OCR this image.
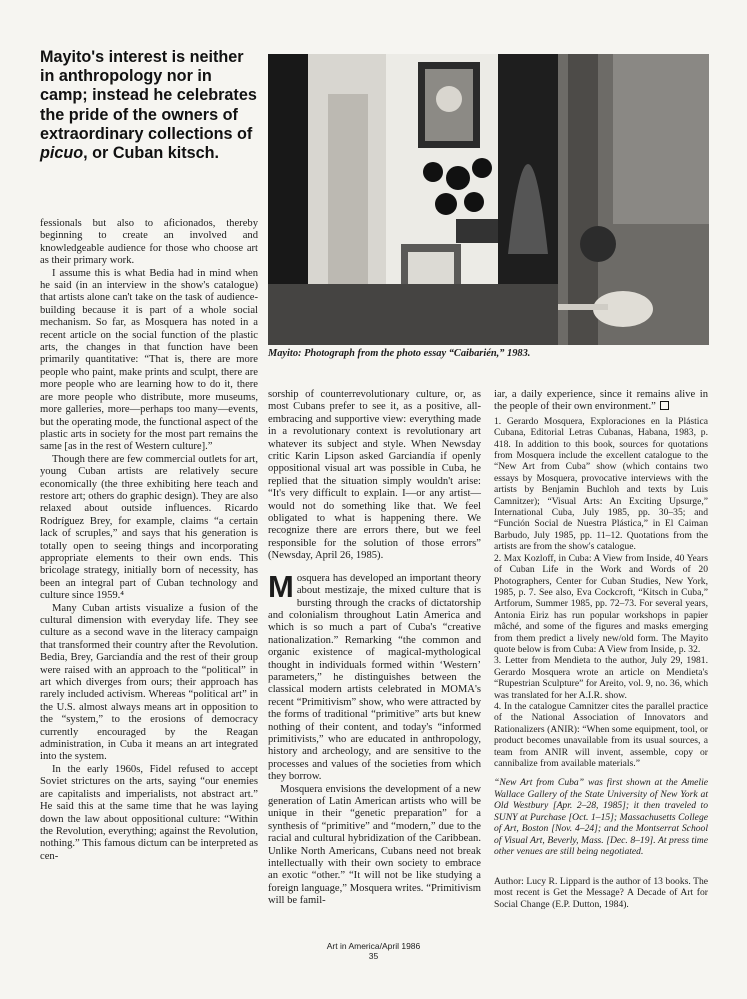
Mayito's interest is neither in anthropology nor in camp; instead he celebrates the pride of the owners of extraordinary collections of picuo, or Cuban kitsch.

Mayito: Photograph from the photo essay “Caibarién,” 1983.

fessionals but also to aficionados, thereby beginning to create an involved and knowledgeable audience for those who choose art as their primary work.

I assume this is what Bedia had in mind when he said (in an interview in the show's catalogue) that artists alone can't take on the task of audience-building because it is part of a whole social mechanism. So far, as Mosquera has noted in a recent article on the social function of the plastic arts, the changes in that function have been primarily quantitative: “That is, there are more people who paint, make prints and sculpt, there are more people who are learning how to do it, there are more people who distribute, more museums, more galleries, more—perhaps too many—events, but the operating mode, the functional aspect of the plastic arts in society for the most part remains the same [as in the rest of Western culture].”

Though there are few commercial outlets for art, young Cuban artists are relatively secure economically (the three exhibiting here teach and restore art; others do graphic design). They are also relaxed about outside influences. Ricardo Rodríguez Brey, for example, claims “a certain lack of scruples,” and says that his generation is totally open to seeing things and incorporating appropriate elements to their own ends. This bricolage strategy, initially born of necessity, has been an integral part of Cuban technology and culture since 1959.⁴

Many Cuban artists visualize a fusion of the cultural dimension with everyday life. They see culture as a second wave in the literacy campaign that transformed their country after the Revolution. Bedia, Brey, Garciandía and the rest of their group were raised with an approach to the “political” in art which diverges from ours; their approach has rarely included activism. Whereas “political art” in the U.S. almost always means art in opposition to the “system,” to the erosions of democracy currently encouraged by the Reagan administration, in Cuba it means an art integrated into the system.

In the early 1960s, Fidel refused to accept Soviet strictures on the arts, saying “our enemies are capitalists and imperialists, not abstract art.” He said this at the same time that he was laying down the law about oppositional culture: “Within the Revolution, everything; against the Revolution, nothing.” This famous dictum can be interpreted as cen-

sorship of counterrevolutionary culture, or, as most Cubans prefer to see it, as a positive, all-embracing and supportive view: everything made in a revolutionary context is revolutionary art whatever its subject and style. When Newsday critic Karin Lipson asked Garciandía if openly oppositional visual art was possible in Cuba, he replied that the situation simply wouldn't arise: “It's very difficult to explain. I—or any artist—would not do something like that. We feel obligated to what is happening there. We recognize there are errors there, but we feel responsible for the solution of those errors” (Newsday, April 26, 1985).

Mosquera has developed an important theory about mestizaje, the mixed culture that is bursting through the cracks of dictatorship and colonialism throughout Latin America and which is so much a part of Cuba's “creative nationalization.” Remarking “the common and organic existence of magical-mythological thought in individuals formed within ‘Western’ parameters,” he distinguishes between the classical modern artists celebrated in MOMA's recent “Primitivism” show, who were attracted by the forms of traditional “primitive” arts but knew nothing of their content, and today's “informed primitivists,” who are educated in anthropology, history and archeology, and are sensitive to the processes and values of the societies from which they borrow.

Mosquera envisions the development of a new generation of Latin American artists who will be unique in their “genetic preparation” for a synthesis of “primitive” and “modern,” due to the racial and cultural hybridization of the Caribbean. Unlike North Americans, Cubans need not break intellectually with their own society to embrace an exotic “other.” “It will not be like studying a foreign language,” Mosquera writes. “Primitivism will be famil-

iar, a daily experience, since it remains alive in the people of their own environment.”

1. Gerardo Mosquera, Exploraciones en la Plástica Cubana, Editorial Letras Cubanas, Habana, 1983, p. 418. In addition to this book, sources for quotations from Mosquera include the excellent catalogue to the “New Art from Cuba” show (which contains two essays by Mosquera, provocative interviews with the artists by Benjamin Buchloh and texts by Luis Camnitzer); “Visual Arts: An Exciting Upsurge,” International Cuba, July 1985, pp. 30–35; and “Función Social de Nuestra Plástica,” in El Caiman Barbudo, July 1985, pp. 11–12. Quotations from the artists are from the show's catalogue.

2. Max Kozloff, in Cuba: A View from Inside, 40 Years of Cuban Life in the Work and Words of 20 Photographers, Center for Cuban Studies, New York, 1985, p. 7. See also, Eva Cockcroft, “Kitsch in Cuba,” Artforum, Summer 1985, pp. 72–73. For several years, Antonia Eiriz has run popular workshops in papier mâché, and some of the figures and masks emerging from them predict a lively new/old form. The Mayito quote below is from Cuba: A View from Inside, p. 32.

3. Letter from Mendieta to the author, July 29, 1981. Gerardo Mosquera wrote an article on Mendieta's “Rupestrian Sculpture” for Areito, vol. 9, no. 36, which was translated for her A.I.R. show.

4. In the catalogue Camnitzer cites the parallel practice of the National Association of Innovators and Rationalizers (ANIR): “When some equipment, tool, or product becomes unavailable from its usual sources, a team from ANIR will invent, assemble, copy or cannibalize from available materials.”

“New Art from Cuba” was first shown at the Amelie Wallace Gallery of the State University of New York at Old Westbury [Apr. 2–28, 1985]; it then traveled to SUNY at Purchase [Oct. 1–15]; Massachusetts College of Art, Boston [Nov. 4–24]; and the Montserrat School of Visual Art, Beverly, Mass. [Dec. 8–19]. At press time other venues are still being negotiated.

Author: Lucy R. Lippard is the author of 13 books. The most recent is Get the Message? A Decade of Art for Social Change (E.P. Dutton, 1984).

Art in America/April 1986
35
